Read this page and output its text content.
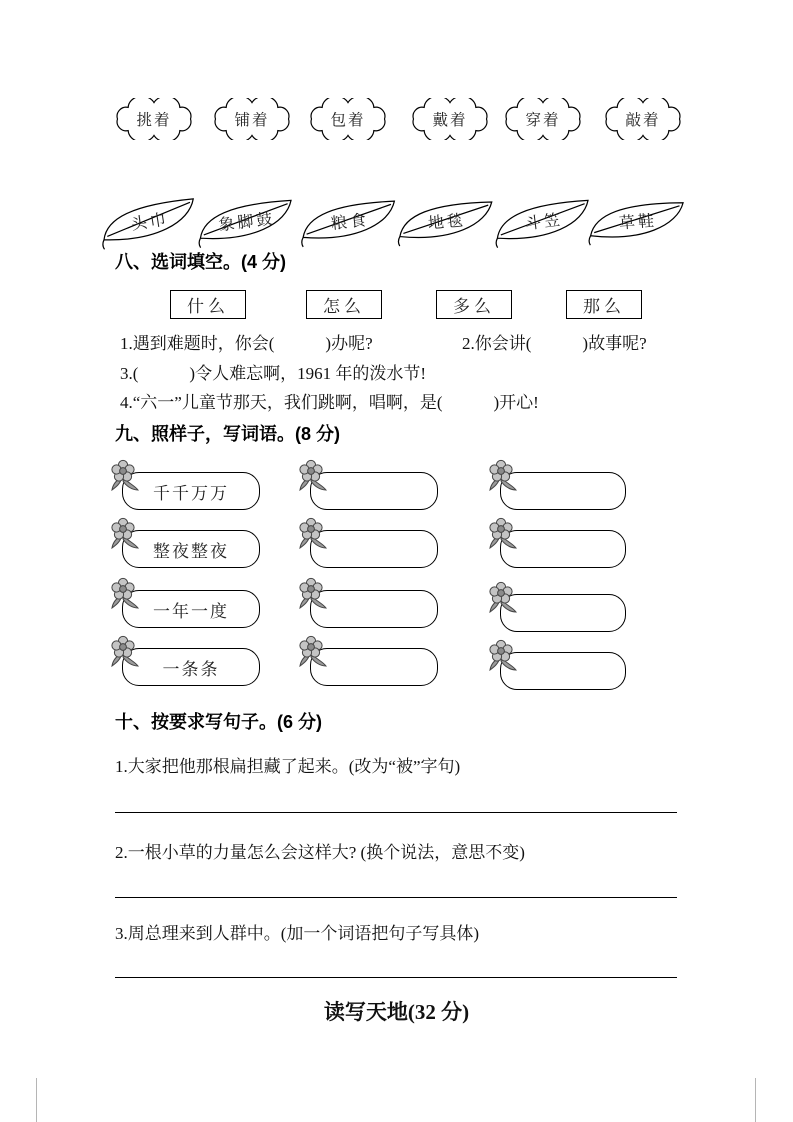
挑着	铺着	包着	戴着	穿着	敲着
头巾	象脚鼓	粮食	地毯	斗笠	草鞋
八、选词填空。(4 分)
什么	怎么	多么	那么
1.遇到难题时，你会(　　　)办呢?	2.你会讲(　　　)故事呢?
3.(　　　)令人难忘啊，1961 年的泼水节!
4.“六一”儿童节那天，我们跳啊，唱啊，是(　　　)开心!
九、照样子，写词语。(8 分)
千千万万
整夜整夜
一年一度
一条条
十、按要求写句子。(6 分)
1.大家把他那根扁担藏了起来。(改为“被”字句)
2.一根小草的力量怎么会这样大? (换个说法，意思不变)
3.周总理来到人群中。(加一个词语把句子写具体)
读写天地(32 分)
